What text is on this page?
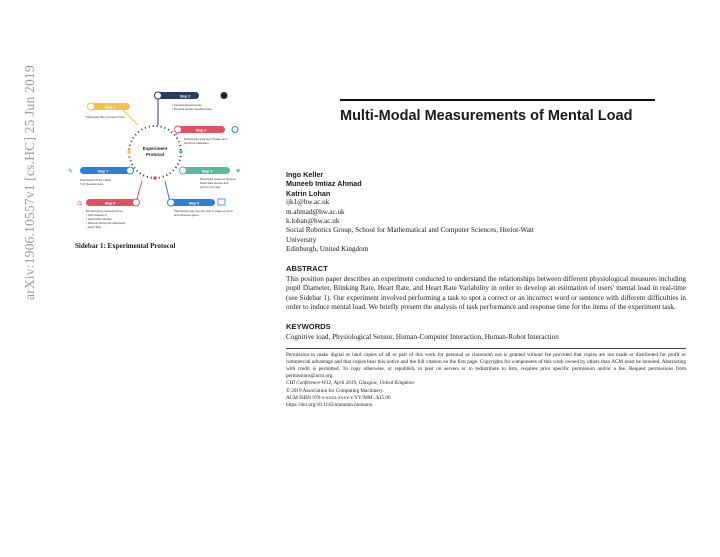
arXiv:1906.10557v1 [cs.HC] 25 Jun 2019	Experiment
Protocol
Step 1
Participant fills a Consent Form
Step 2
• General Questionnaire
• Physical Activity Questionnaire
Step 3
Participants wear Eye Tracker and
performs calibration.
♥
Step 4
Participant wears conference
Heart Rate Device and
perform the task.
Step 5
Participants play spot the real or made up word
and sentence game.
⚖	Step 6
Mental load is measured from:
• Tobii Glasses 2,
• Heart-Rate Monitor,
• Robocor during the participant
• Heart Task
✎	Step 7
Participants fill the NASA
TLX Questionnaire
Sidebar 1: Experimental Protocol
Multi-Modal Measurements of Mental Load
Ingo Keller
Muneeb Imtiaz Ahmad
Katrin Lohan
ijk1@hw.ac.uk
m.ahmad@hw.ac.uk
k.lohan@hw.ac.uk
Social Robotics Group, School for Mathematical and Computer Sciences, Heriot-Watt
University
Edinburgh, United Kingdom
ABSTRACT
This position paper describes an experiment conducted to understand the relationships between different physiological measures including pupil Diameter, Blinking Rate, Heart Rate, and Heart Rate Variability in order to develop an estimation of users' mental load in real-time (see Sidebar 1). Our experiment involved performing a task to spot a correct or an incorrect word or sentence with different difficulties in order to induce mental load. We briefly present the analysis of task performance and response time for the items of the experiment task.
KEYWORDS
Cognitive load, Physiological Sensor, Human-Computer Interaction, Human-Robot Interaction
Permission to make digital or hard copies of all or part of this work for personal or classroom use is granted without fee provided that copies are not made or distributed for profit or commercial advantage and that copies bear this notice and the full citation on the first page. Copyrights for components of this work owned by others than ACM must be honored. Abstracting with credit is permitted. To copy otherwise, or republish, to post on servers or to redistribute to lists, requires prior specific permission and/or a fee. Request permissions from permissions@acm.org.
CHI Conference-W12, April 2019, Glasgow, United Kingdom
© 2019 Association for Computing Machinery.
ACM ISBN 978-x-xxxx-xxxx-x/YY/MM...$15.00
https://doi.org/10.1145/nnnnnnn.nnnnnnn
